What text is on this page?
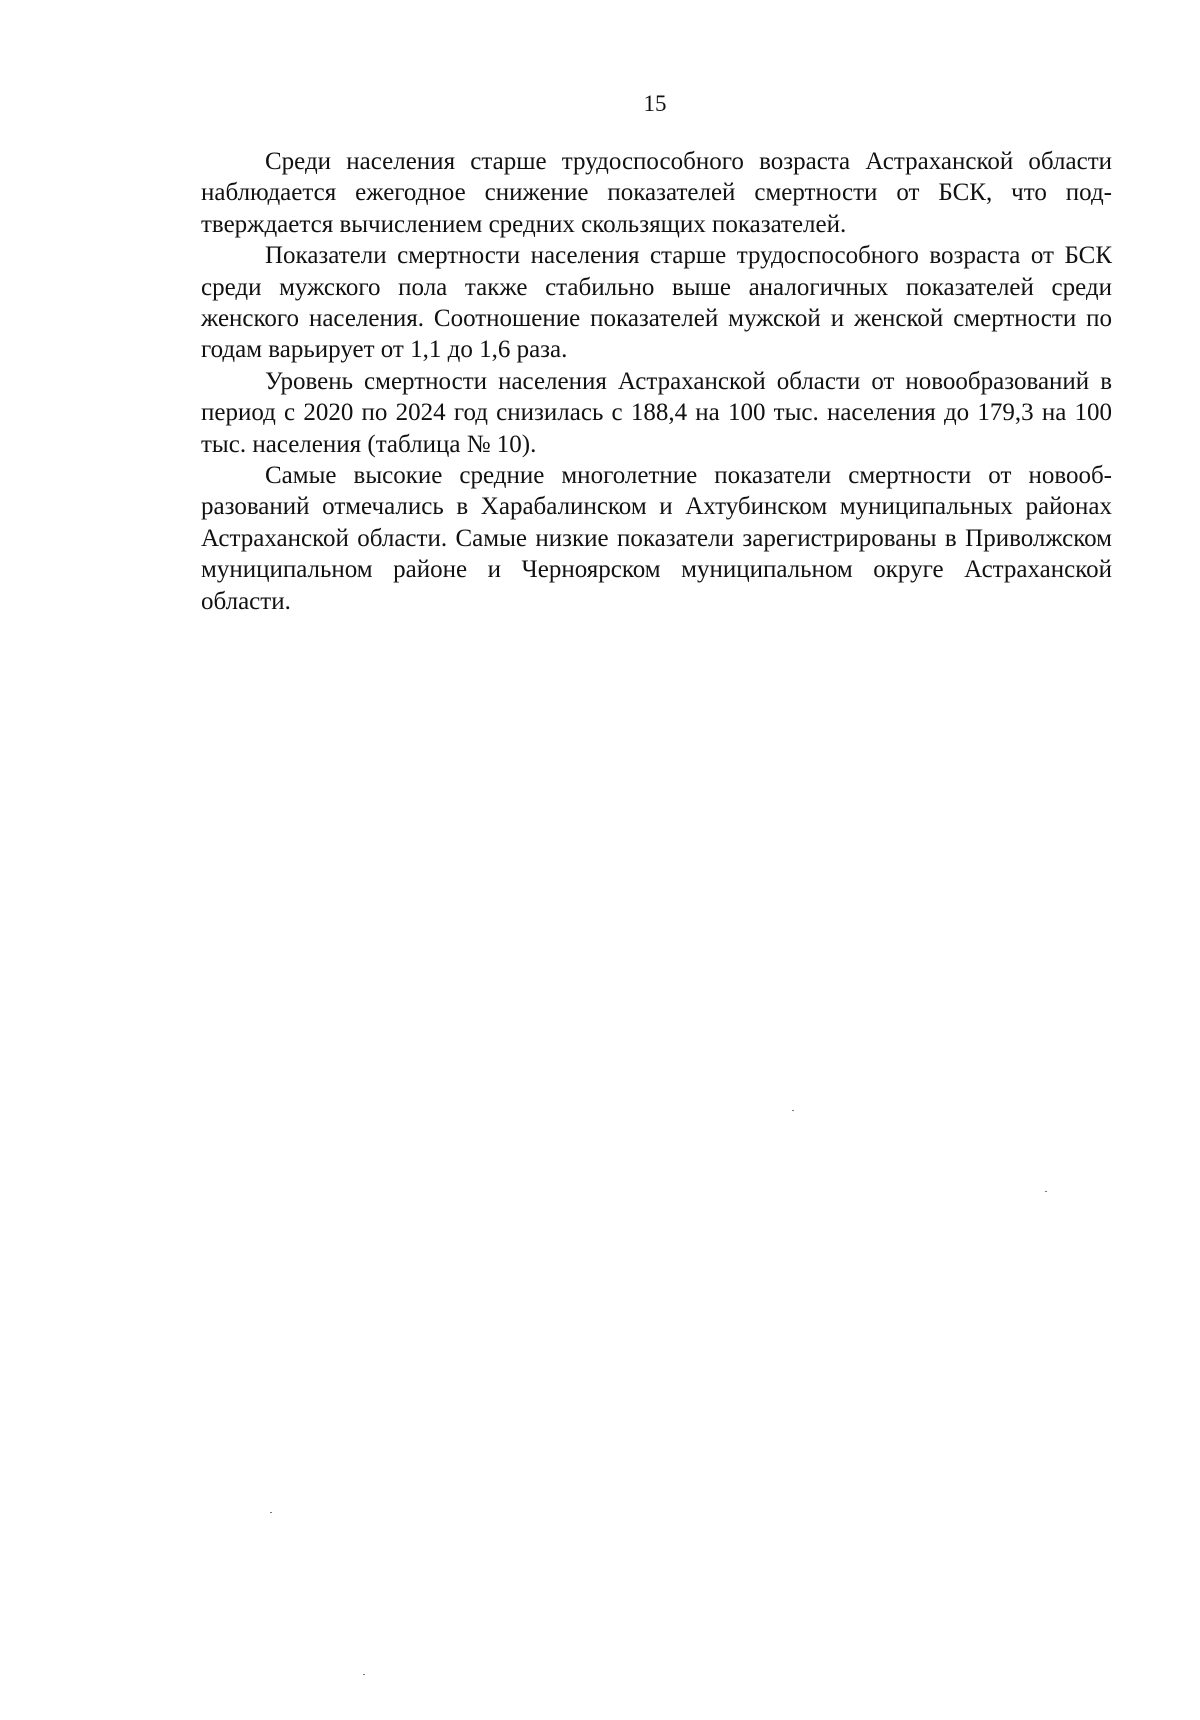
15

Среди населения старше трудоспособного возраста Астраханской области наблюдается ежегодное снижение показателей смертности от БСК, что подтверждается вычислением средних скользящих показателей.

Показатели смертности населения старше трудоспособного возраста от БСК среди мужского пола также стабильно выше аналогичных показателей среди женского населения. Соотношение показателей мужской и женской смертности по годам варьирует от 1,1 до 1,6 раза.

Уровень смертности населения Астраханской области от новообразований в период с 2020 по 2024 год снизилась с 188,4 на 100 тыс. населения до 179,3 на 100 тыс. населения (таблица № 10).

Самые высокие средние многолетние показатели смертности от новообразований отмечались в Харабалинском и Ахтубинском муниципальных районах Астраханской области. Самые низкие показатели зарегистрированы в Приволжском муниципальном районе и Черноярском муниципальном округе Астраханской области.
